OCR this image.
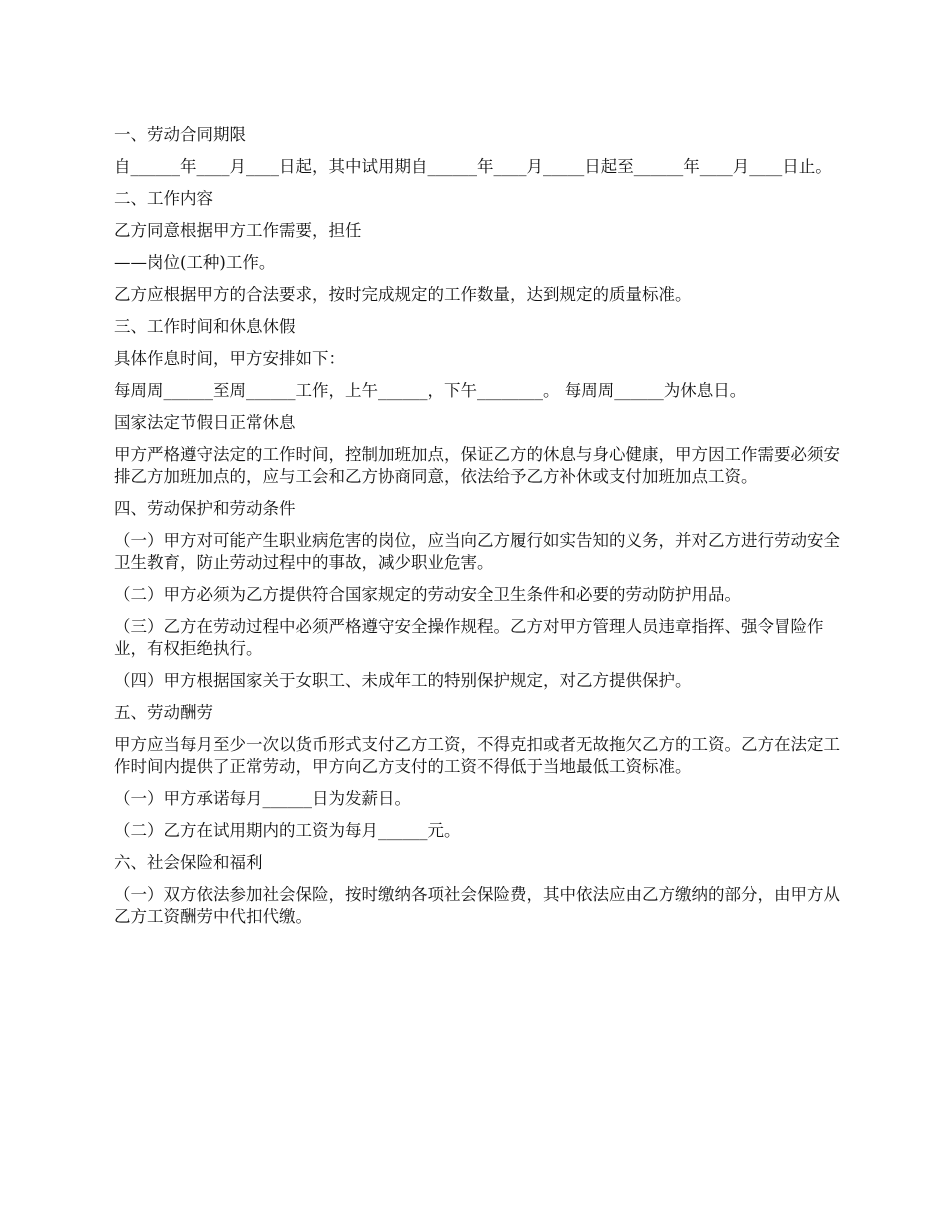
一、劳动合同期限

自______年____月____日起，其中试用期自______年____月_____日起至______年____月____日止。

二、工作内容

乙方同意根据甲方工作需要，担任

——岗位(工种)工作。

乙方应根据甲方的合法要求，按时完成规定的工作数量，达到规定的质量标准。

三、工作时间和休息休假

具体作息时间，甲方安排如下：

每周周______至周______工作，上午______，下午________。 每周周______为休息日。

国家法定节假日正常休息

甲方严格遵守法定的工作时间，控制加班加点，保证乙方的休息与身心健康，甲方因工作需要必须安排乙方加班加点的，应与工会和乙方协商同意，依法给予乙方补休或支付加班加点工资。

四、劳动保护和劳动条件

（一）甲方对可能产生职业病危害的岗位，应当向乙方履行如实告知的义务，并对乙方进行劳动安全卫生教育，防止劳动过程中的事故，减少职业危害。

（二）甲方必须为乙方提供符合国家规定的劳动安全卫生条件和必要的劳动防护用品。

（三）乙方在劳动过程中必须严格遵守安全操作规程。乙方对甲方管理人员违章指挥、强令冒险作业，有权拒绝执行。

（四）甲方根据国家关于女职工、未成年工的特别保护规定，对乙方提供保护。

五、劳动酬劳

甲方应当每月至少一次以货币形式支付乙方工资，不得克扣或者无故拖欠乙方的工资。乙方在法定工作时间内提供了正常劳动，甲方向乙方支付的工资不得低于当地最低工资标准。

（一）甲方承诺每月______日为发薪日。

（二）乙方在试用期内的工资为每月______元。

六、社会保险和福利

（一）双方依法参加社会保险，按时缴纳各项社会保险费，其中依法应由乙方缴纳的部分，由甲方从乙方工资酬劳中代扣代缴。
